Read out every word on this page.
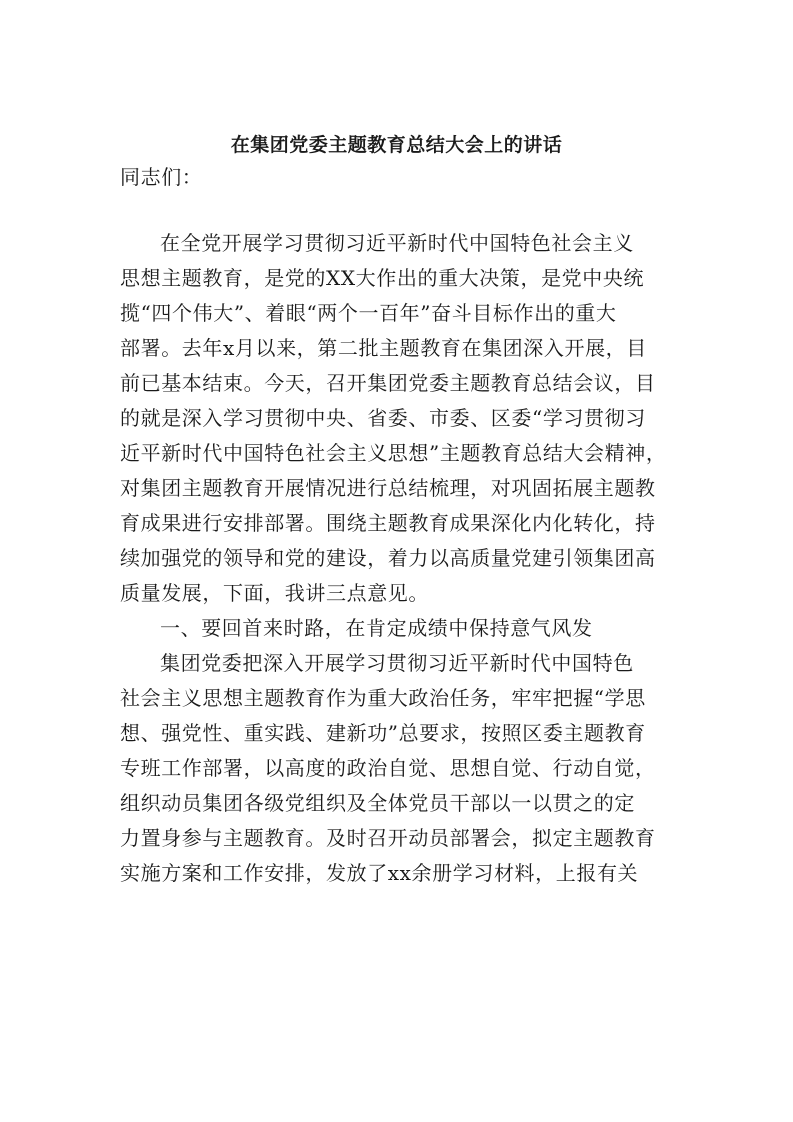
在集团党委主题教育总结大会上的讲话
同志们：
在全党开展学习贯彻习近平新时代中国特色社会主义
思想主题教育，是党的XX大作出的重大决策，是党中央统
揽“四个伟大”、着眼“两个一百年”奋斗目标作出的重大
部署。去年x月以来，第二批主题教育在集团深入开展，目
前已基本结束。今天，召开集团党委主题教育总结会议，目
的就是深入学习贯彻中央、省委、市委、区委“学习贯彻习
近平新时代中国特色社会主义思想”主题教育总结大会精神，
对集团主题教育开展情况进行总结梳理，对巩固拓展主题教
育成果进行安排部署。围绕主题教育成果深化内化转化，持
续加强党的领导和党的建设，着力以高质量党建引领集团高
质量发展，下面，我讲三点意见。
一、要回首来时路，在肯定成绩中保持意气风发
集团党委把深入开展学习贯彻习近平新时代中国特色
社会主义思想主题教育作为重大政治任务，牢牢把握“学思
想、强党性、重实践、建新功”总要求，按照区委主题教育
专班工作部署，以高度的政治自觉、思想自觉、行动自觉，
组织动员集团各级党组织及全体党员干部以一以贯之的定
力置身参与主题教育。及时召开动员部署会，拟定主题教育
实施方案和工作安排，发放了xx余册学习材料，上报有关
